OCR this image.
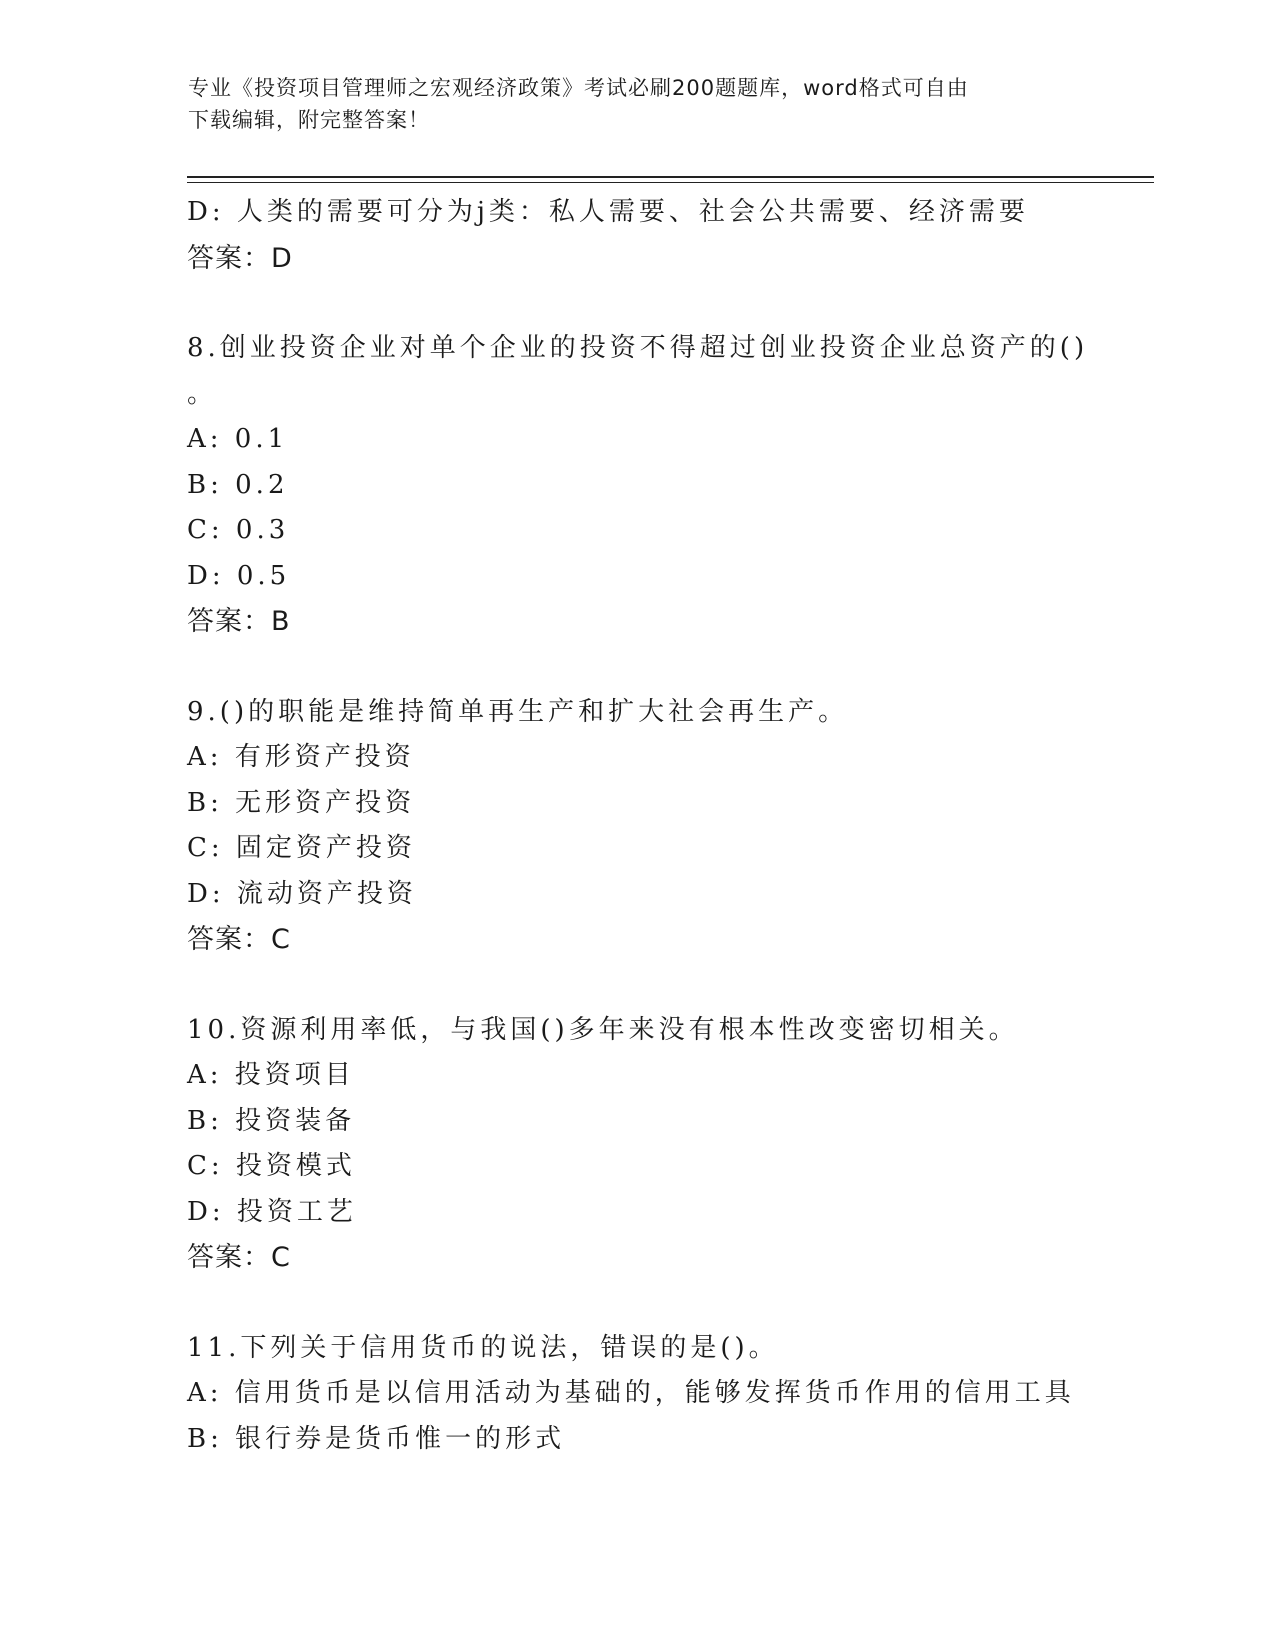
专业《投资项目管理师之宏观经济政策》考试必刷200题题库，word格式可自由
下载编辑，附完整答案！
D: 人类的需要可分为j类：私人需要、社会公共需要、经济需要
答案：D
8.创业投资企业对单个企业的投资不得超过创业投资企业总资产的()
。
A: 0.1
B: 0.2
C: 0.3
D: 0.5
答案：B
9.()的职能是维持简单再生产和扩大社会再生产。
A: 有形资产投资
B: 无形资产投资
C: 固定资产投资
D: 流动资产投资
答案：C
10.资源利用率低，与我国()多年来没有根本性改变密切相关。
A: 投资项目
B: 投资装备
C: 投资模式
D: 投资工艺
答案：C
11.下列关于信用货币的说法，错误的是()。
A: 信用货币是以信用活动为基础的，能够发挥货币作用的信用工具
B: 银行券是货币惟一的形式
